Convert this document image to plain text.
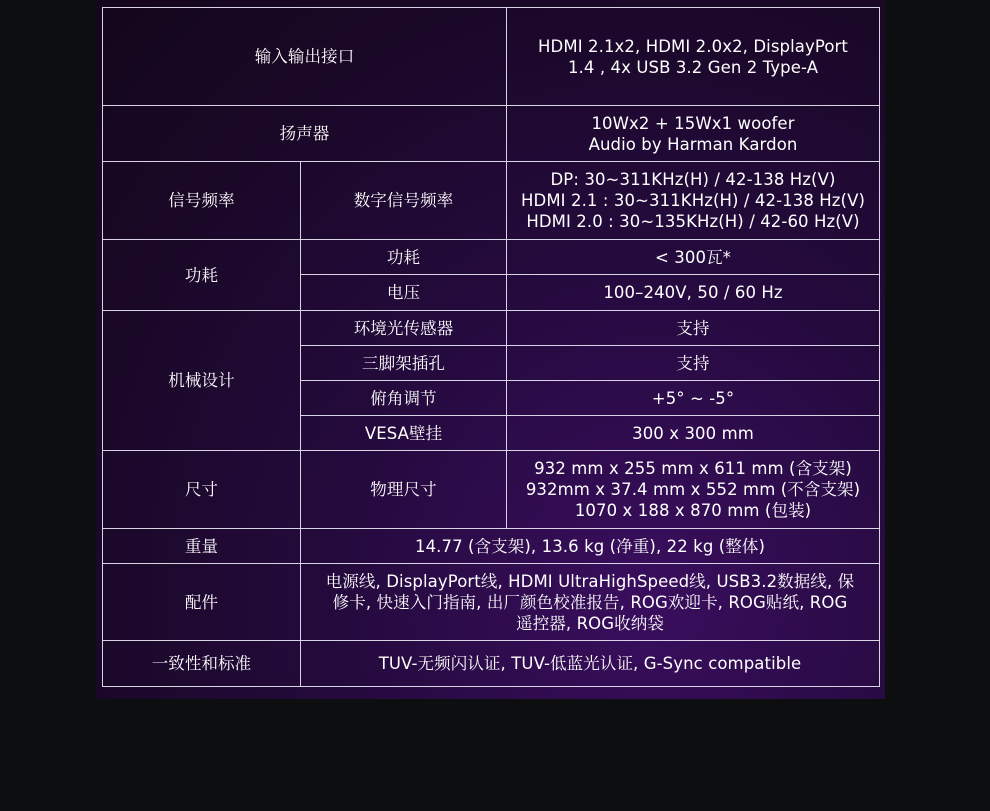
输入输出接口		HDMI 2.1x2, HDMI 2.0x2, DisplayPort
1.4 , 4x USB 3.2 Gen 2 Type-A
扬声器		10Wx2 + 15Wx1 woofer
Audio by Harman Kardon
信号频率	数字信号频率	DP: 30~311KHz(H) / 42-138 Hz(V)
HDMI 2.1 : 30~311KHz(H) / 42-138 Hz(V)
HDMI 2.0 : 30~135KHz(H) / 42-60 Hz(V)
功耗	功耗	< 300瓦*
	电压	100–240V, 50 / 60 Hz
机械设计	环境光传感器	支持
	三脚架插孔	支持
	俯角调节	+5° ~ -5°
	VESA壁挂	300 x 300 mm
尺寸	物理尺寸	932 mm x 255 mm x 611 mm (含支架)
932mm x 37.4 mm x 552 mm (不含支架)
1070 x 188 x 870 mm (包装)
重量	14.77 (含支架), 13.6 kg (净重), 22 kg (整体)	
配件	电源线, DisplayPort线, HDMI UltraHighSpeed线, USB3.2数据线, 保
修卡, 快速入门指南, 出厂颜色校准报告, ROG欢迎卡, ROG贴纸, ROG
遥控器, ROG收纳袋	
一致性和标准	TUV-无频闪认证, TUV-低蓝光认证, G-Sync compatible	
